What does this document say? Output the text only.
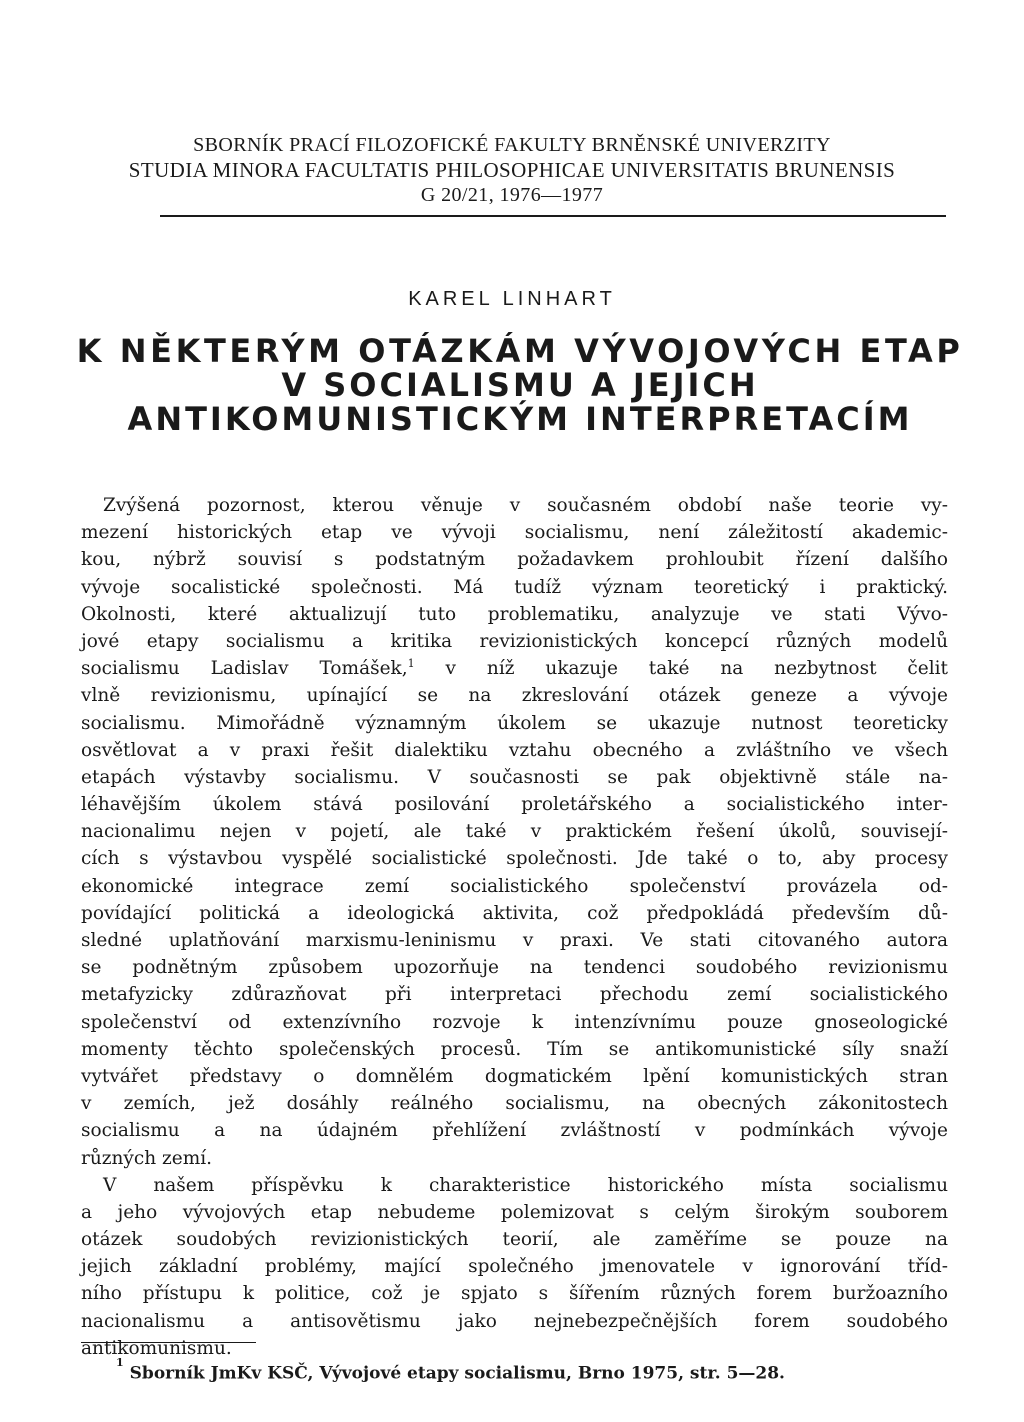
SBORNÍK PRACÍ FILOZOFICKÉ FAKULTY BRNĚNSKÉ UNIVERZITY
STUDIA MINORA FACULTATIS PHILOSOPHICAE UNIVERSITATIS BRUNENSIS
G 20/21, 1976—1977
KAREL LINHART
K NĚKTERÝM OTÁZKÁM VÝVOJOVÝCH ETAP
V SOCIALISMU A JEJICH
ANTIKOMUNISTICKÝM INTERPRETACÍM
Zvýšená pozornost, kterou věnuje v současném období naše teorie vy-
mezení historických etap ve vývoji socialismu, není záležitostí akademic-
kou, nýbrž souvisí s podstatným požadavkem prohloubit řízení dalšího
vývoje socalistické společnosti. Má tudíž význam teoretický i praktický.
Okolnosti, které aktualizují tuto problematiku, analyzuje ve stati Vývo-
jové etapy socialismu a kritika revizionistických koncepcí různých modelů
socialismu Ladislav Tomášek,$^1$ v níž ukazuje také na nezbytnost čelit
vlně revizionismu, upínající se na zkreslování otázek geneze a vývoje
socialismu. Mimořádně významným úkolem se ukazuje nutnost teoreticky
osvětlovat a v praxi řešit dialektiku vztahu obecného a zvláštního ve všech
etapách výstavby socialismu. V současnosti se pak objektivně stále na-
léhavějším úkolem stává posilování proletářského a socialistického inter-
nacionalimu nejen v pojetí, ale také v praktickém řešení úkolů, souvisejí-
cích s výstavbou vyspělé socialistické společnosti. Jde také o to, aby procesy
ekonomické integrace zemí socialistického společenství provázela od-
povídající politická a ideologická aktivita, což předpokládá především dů-
sledné uplatňování marxismu-leninismu v praxi. Ve stati citovaného autora
se podnětným způsobem upozorňuje na tendenci soudobého revizionismu
metafyzicky zdůrazňovat při interpretaci přechodu zemí socialistického
společenství od extenzívního rozvoje k intenzívnímu pouze gnoseologické
momenty těchto společenských procesů. Tím se antikomunistické síly snaží
vytvářet představy o domnělém dogmatickém lpění komunistických stran
v zemích, jež dosáhly reálného socialismu, na obecných zákonitostech
socialismu a na údajném přehlížení zvláštností v podmínkách vývoje
různých zemí.
V našem příspěvku k charakteristice historického místa socialismu
a jeho vývojových etap nebudeme polemizovat s celým širokým souborem
otázek soudobých revizionistických teorií, ale zaměříme se pouze na
jejich základní problémy, mající společného jmenovatele v ignorování tříd-
ního přístupu k politice, což je spjato s šířením různých forem buržoazního
nacionalismu a antisovětismu jako nejnebezpečnějších forem soudobého
antikomunismu.
$^1$Sborník JmKv KSČ, Vývojové etapy socialismu, Brno 1975, str. 5—28.
